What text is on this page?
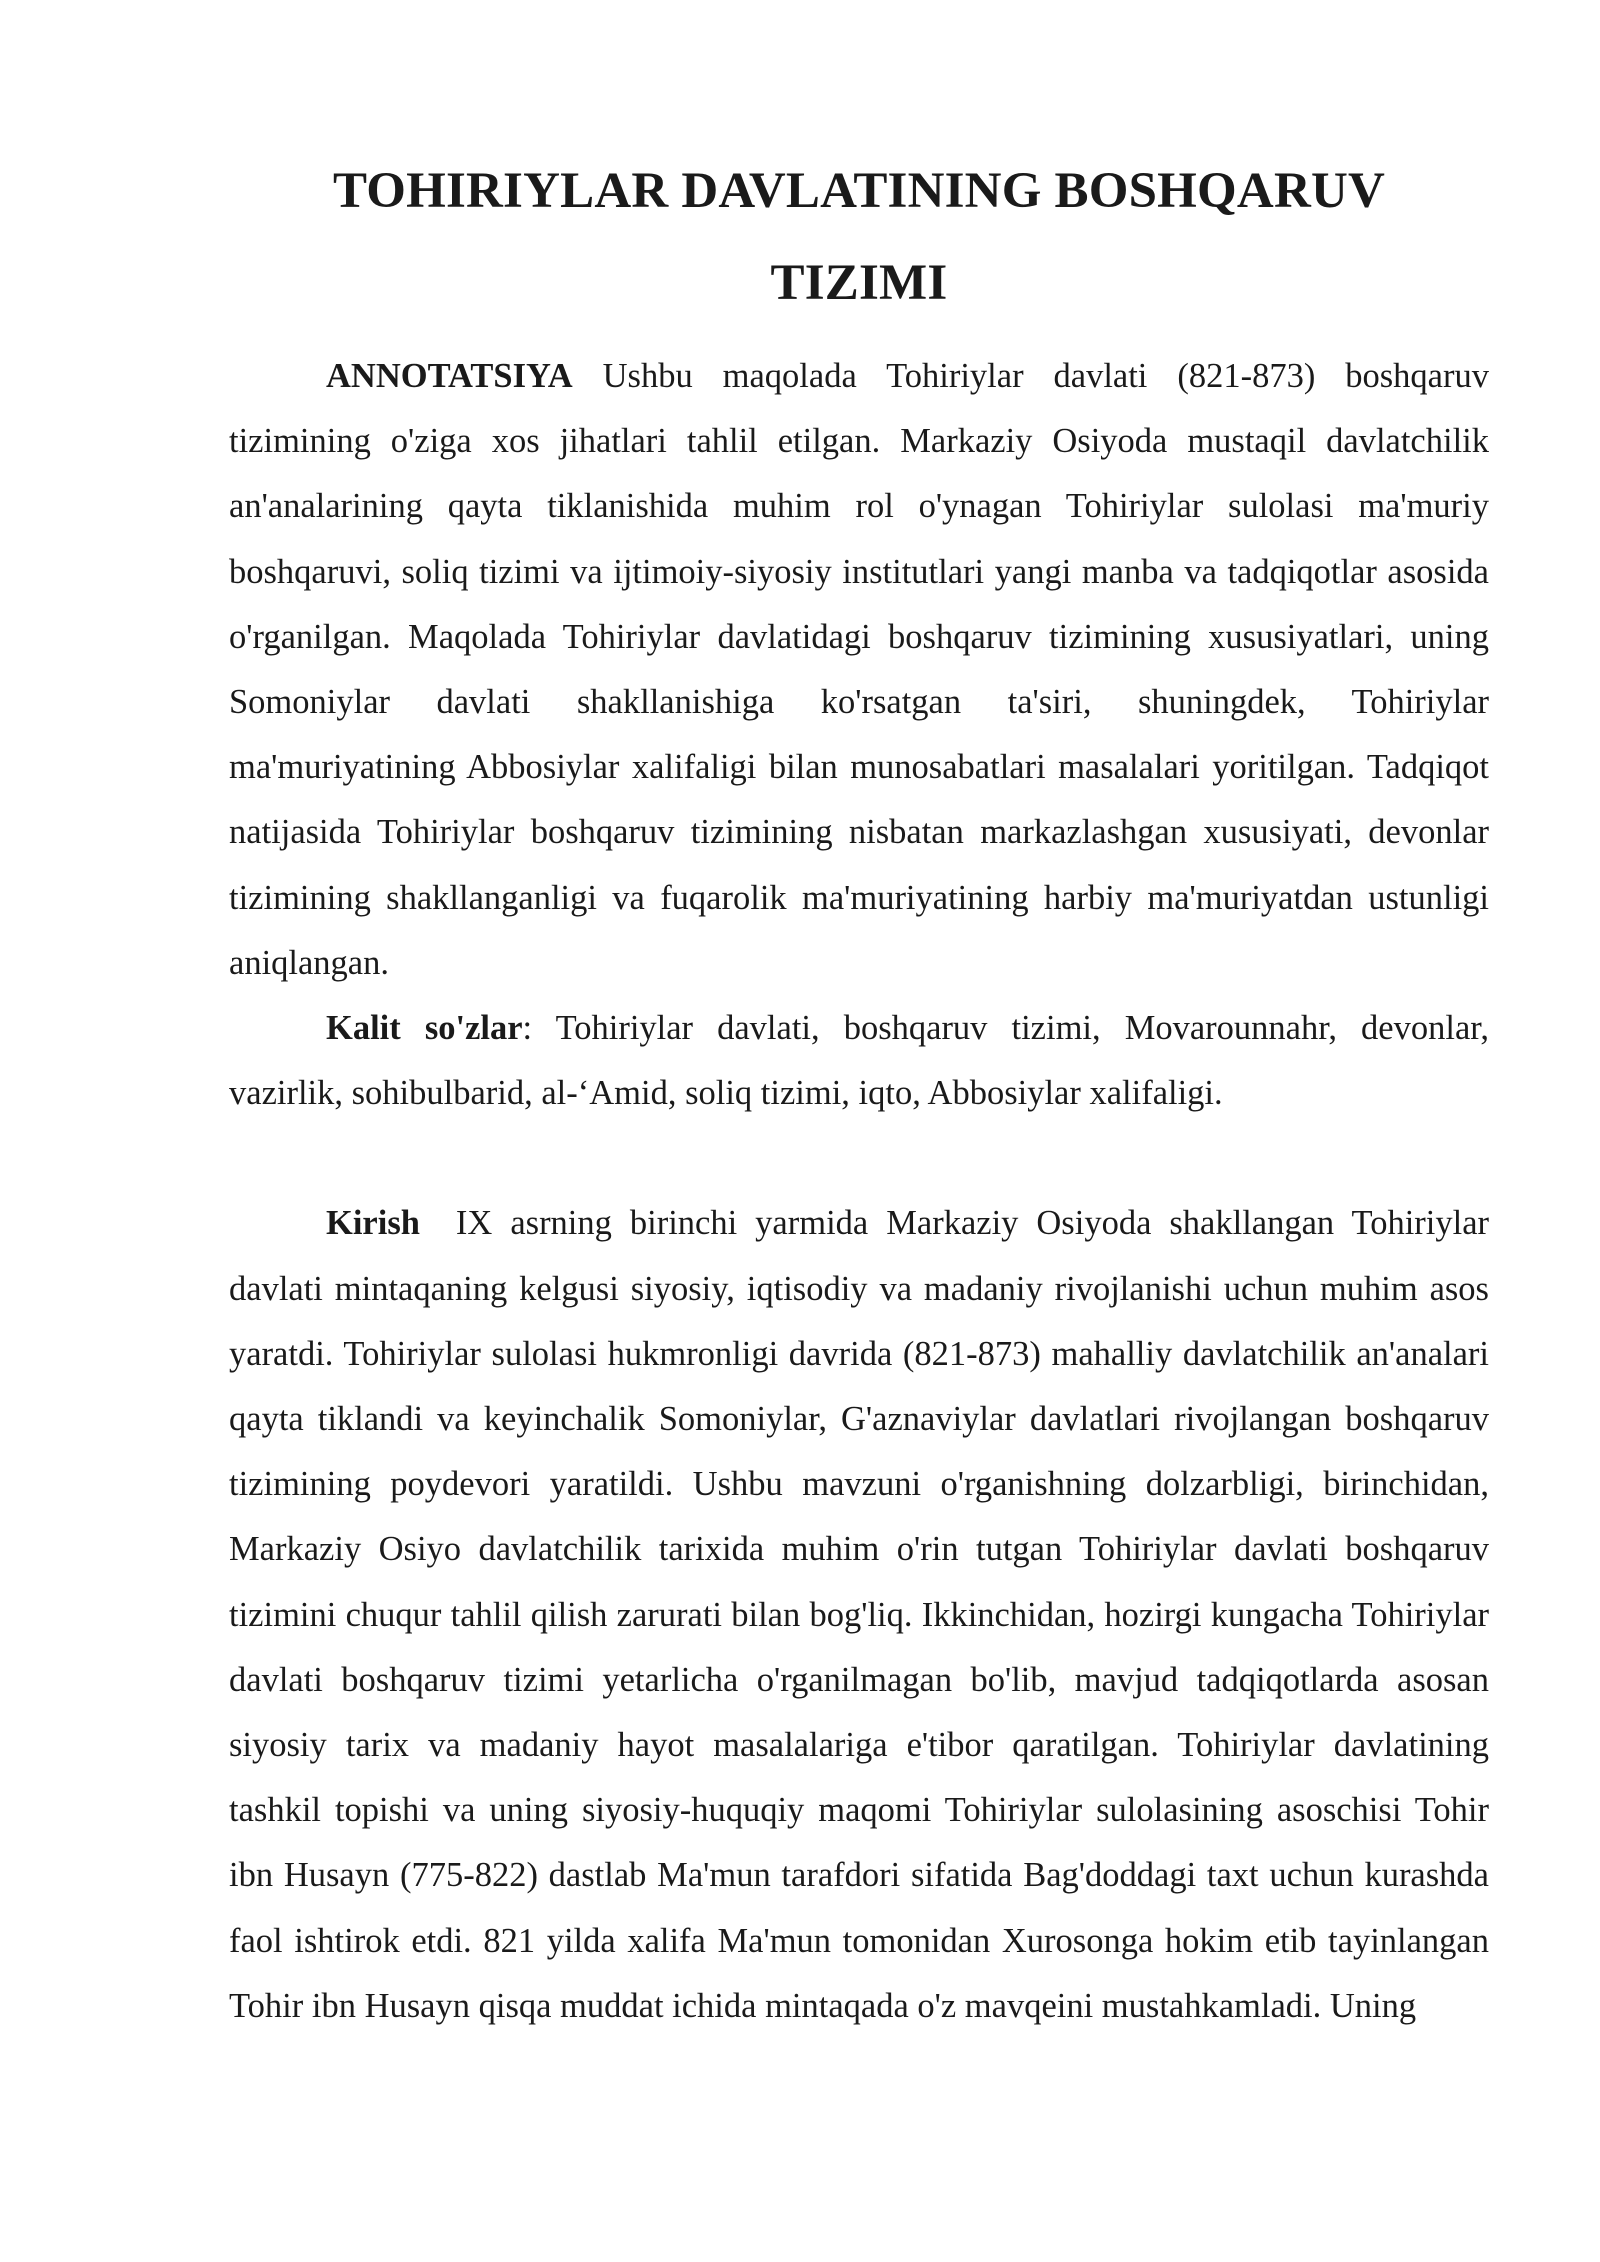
TOHIRIYLAR DAVLATINING BOSHQARUV
TIZIMI

ANNOTATSIYA Ushbu maqolada Tohiriylar davlati (821-873) boshqaruv tizimining o'ziga xos jihatlari tahlil etilgan. Markaziy Osiyoda mustaqil davlatchilik an'analarining qayta tiklanishida muhim rol o'ynagan Tohiriylar sulolasi ma'muriy boshqaruvi, soliq tizimi va ijtimoiy-siyosiy institutlari yangi manba va tadqiqotlar asosida o'rganilgan. Maqolada Tohiriylar davlatidagi boshqaruv tizimining xususiyatlari, uning Somoniylar davlati shakllanishiga ko'rsatgan ta'siri, shuningdek, Tohiriylar ma'muriyatining Abbosiylar xalifaligi bilan munosabatlari masalalari yoritilgan. Tadqiqot natijasida Tohiriylar boshqaruv tizimining nisbatan markazlashgan xususiyati, devonlar tizimining shakllanganligi va fuqarolik ma'muriyatining harbiy ma'muriyatdan ustunligi aniqlangan.

Kalit so'zlar: Tohiriylar davlati, boshqaruv tizimi, Movarounnahr, devonlar, vazirlik, sohibulbarid, al-‘Amid, soliq tizimi, iqto, Abbosiylar xalifaligi.

Kirish  IX asrning birinchi yarmida Markaziy Osiyoda shakllangan Tohiriylar davlati mintaqaning kelgusi siyosiy, iqtisodiy va madaniy rivojlanishi uchun muhim asos yaratdi. Tohiriylar sulolasi hukmronligi davrida (821-873) mahalliy davlatchilik an'analari qayta tiklandi va keyinchalik Somoniylar, G'aznaviylar davlatlari rivojlangan boshqaruv tizimining poydevori yaratildi. Ushbu mavzuni o'rganishning dolzarbligi, birinchidan, Markaziy Osiyo davlatchilik tarixida muhim o'rin tutgan Tohiriylar davlati boshqaruv tizimini chuqur tahlil qilish zarurati bilan bog'liq. Ikkinchidan, hozirgi kungacha Tohiriylar davlati boshqaruv tizimi yetarlicha o'rganilmagan bo'lib, mavjud tadqiqotlarda asosan siyosiy tarix va madaniy hayot masalalariga e'tibor qaratilgan. Tohiriylar davlatining tashkil topishi va uning siyosiy-huquqiy maqomi Tohiriylar sulolasining asoschisi Tohir ibn Husayn (775-822) dastlab Ma'mun tarafdori sifatida Bag'doddagi taxt uchun kurashda faol ishtirok etdi. 821 yilda xalifa Ma'mun tomonidan Xurosonga hokim etib tayinlangan Tohir ibn Husayn qisqa muddat ichida mintaqada o'z mavqeini mustahkamladi. Uning
